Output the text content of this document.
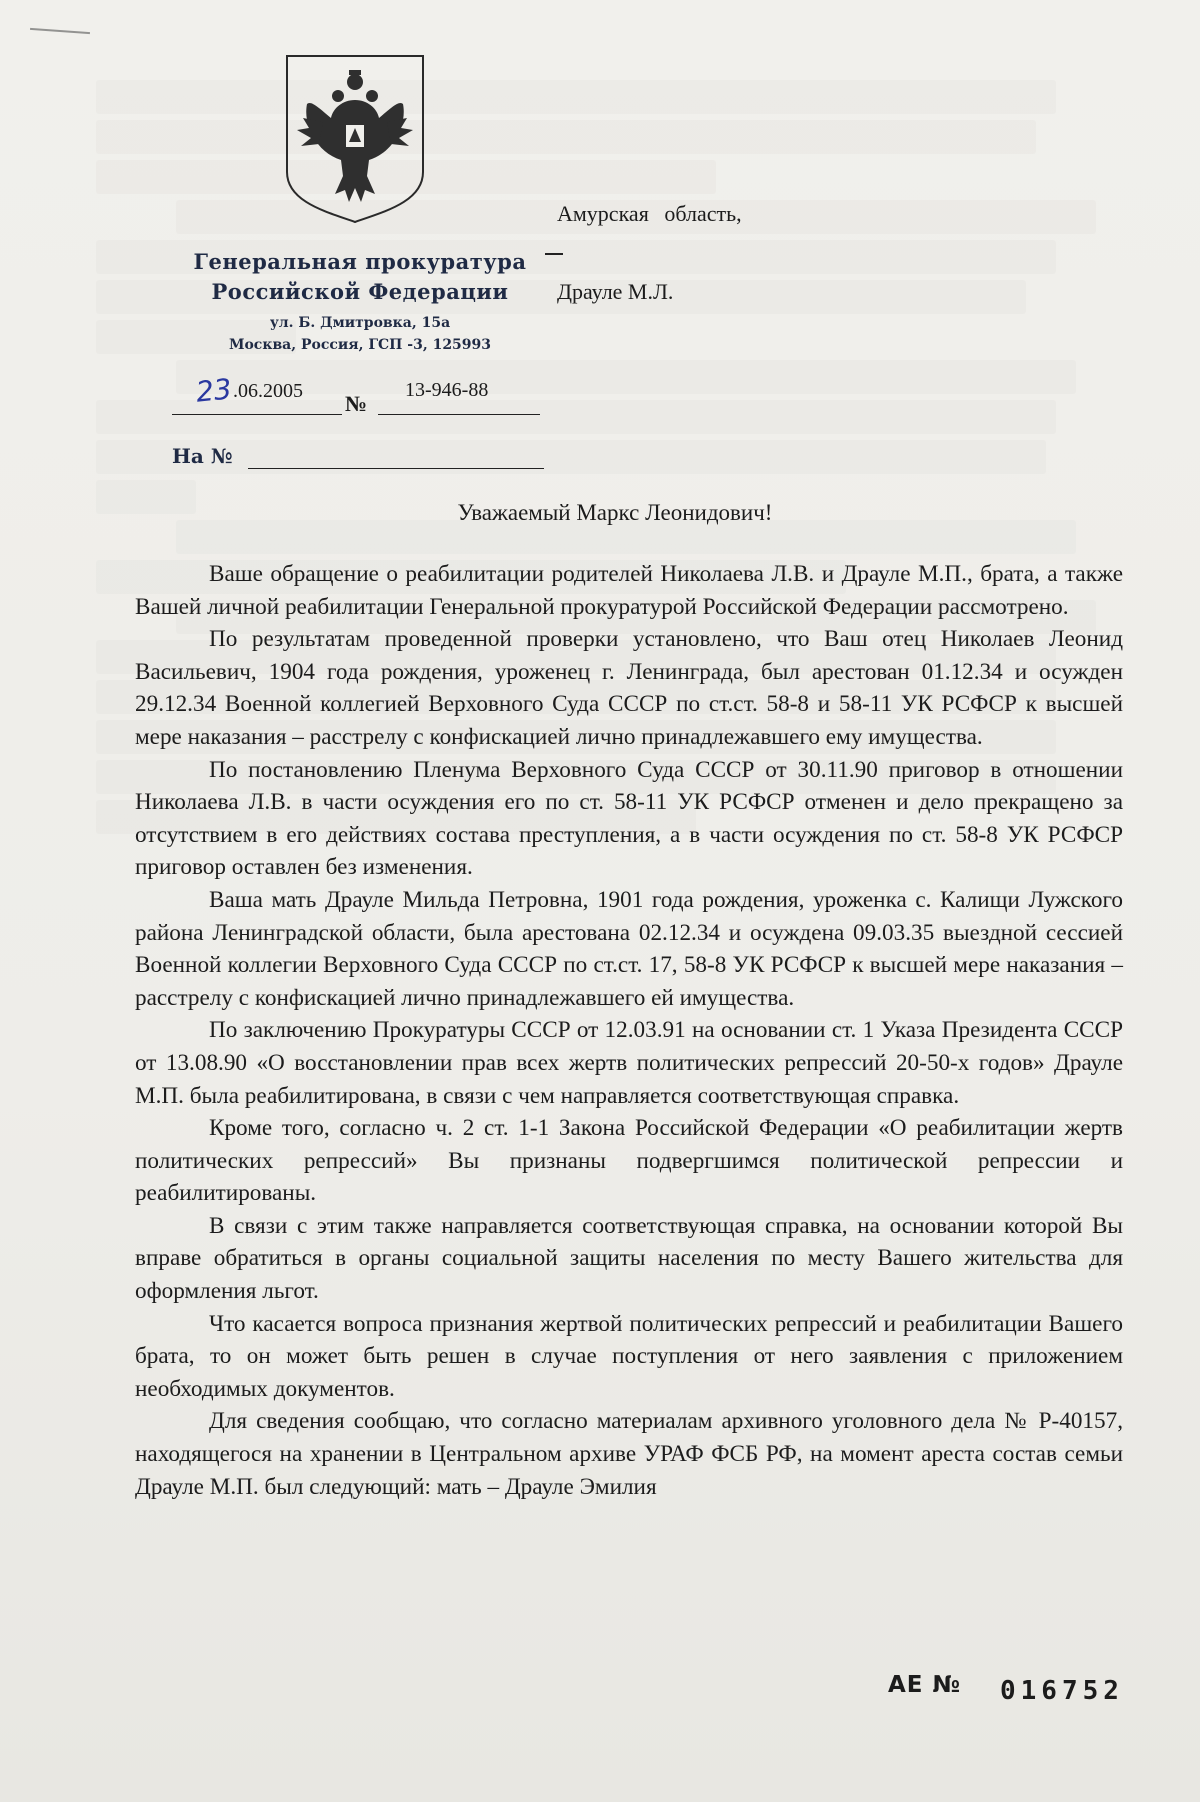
Генеральная прокуратура
Российской Федерации
ул. Б. Дмитровка, 15а
Москва, Россия, ГСП -3, 125993
Амурская область,
Драуле М.Л.
23 .06.2005 №
13-946-88
На №
Уважаемый Маркс Леонидович!

Ваше обращение о реабилитации родителей Николаева Л.В. и Драуле М.П., брата, а также Вашей личной реабилитации Генеральной прокуратурой Российской Федерации рассмотрено.

По результатам проведенной проверки установлено, что Ваш отец Николаев Леонид Васильевич, 1904 года рождения, уроженец г. Ленинграда, был арестован 01.12.34 и осужден 29.12.34 Военной коллегией Верховного Суда СССР по ст.ст. 58-8 и 58-11 УК РСФСР к высшей мере наказания – расстрелу с конфискацией лично принадлежавшего ему имущества.

По постановлению Пленума Верховного Суда СССР от 30.11.90 приговор в отношении Николаева Л.В. в части осуждения его по ст. 58-11 УК РСФСР отменен и дело прекращено за отсутствием в его действиях состава преступления, а в части осуждения по ст. 58-8 УК РСФСР приговор оставлен без изменения.

Ваша мать Драуле Мильда Петровна, 1901 года рождения, уроженка с. Калищи Лужского района Ленинградской области, была арестована 02.12.34 и осуждена 09.03.35 выездной сессией Военной коллегии Верховного Суда СССР по ст.ст. 17, 58-8 УК РСФСР к высшей мере наказания – расстрелу с конфискацией лично принадлежавшего ей имущества.

По заключению Прокуратуры СССР от 12.03.91 на основании ст. 1 Указа Президента СССР от 13.08.90 «О восстановлении прав всех жертв политических репрессий 20-50-х годов» Драуле М.П. была реабилитирована, в связи с чем направляется соответствующая справка.

Кроме того, согласно ч. 2 ст. 1-1 Закона Российской Федерации «О реабилитации жертв политических репрессий» Вы признаны подвергшимся политической репрессии и реабилитированы.

В связи с этим также направляется соответствующая справка, на основании которой Вы вправе обратиться в органы социальной защиты населения по месту Вашего жительства для оформления льгот.

Что касается вопроса признания жертвой политических репрессий и реабилитации Вашего брата, то он может быть решен в случае поступления от него заявления с приложением необходимых документов.

Для сведения сообщаю, что согласно материалам архивного уголовного дела № Р-40157, находящегося на хранении в Центральном архиве УРАФ ФСБ РФ, на момент ареста состав семьи Драуле М.П. был следующий: мать – Драуле Эмилия

АЕ № 016752
